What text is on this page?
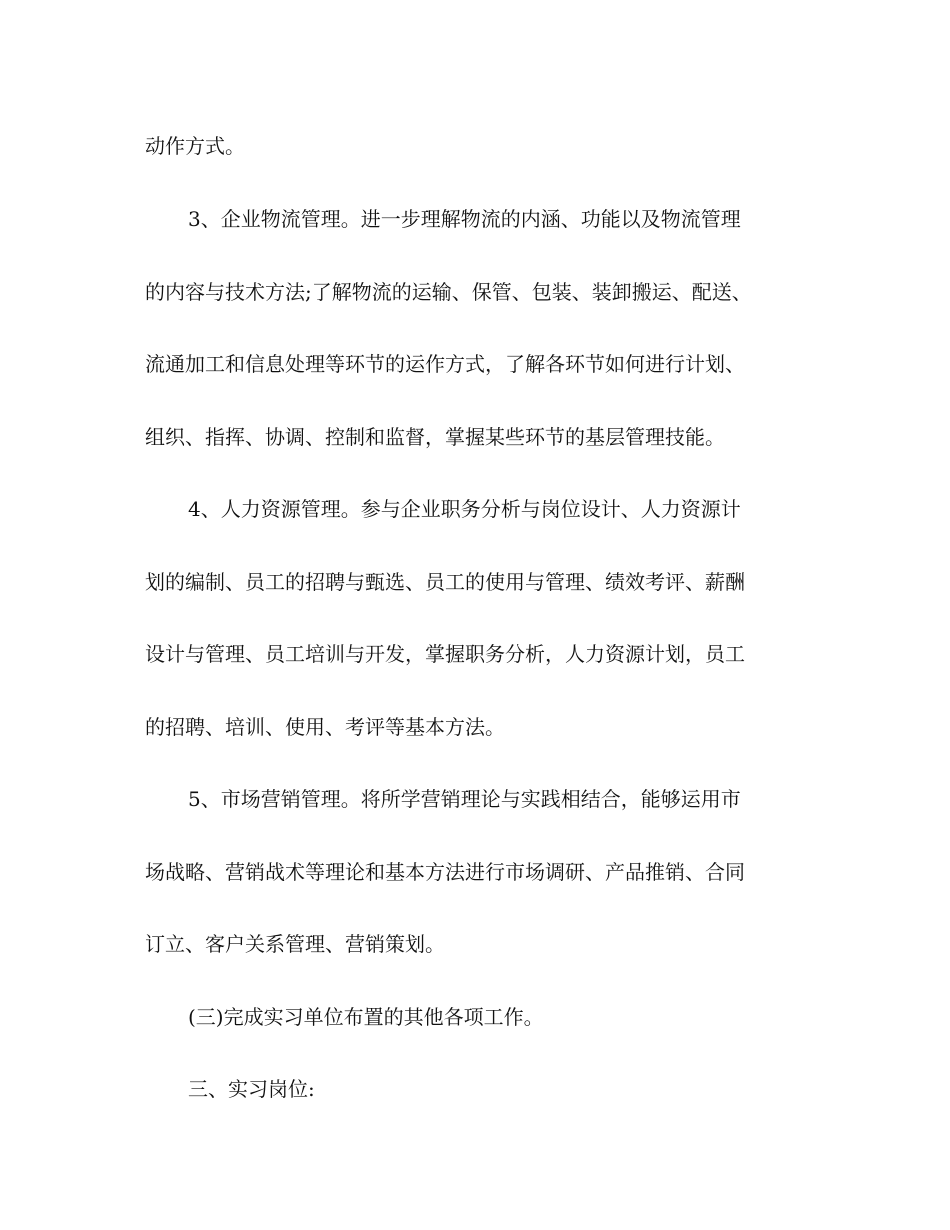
动作方式。

3、企业物流管理。进一步理解物流的内涵、功能以及物流管理

的内容与技术方法;了解物流的运输、保管、包装、装卸搬运、配送、

流通加工和信息处理等环节的运作方式，了解各环节如何进行计划、

组织、指挥、协调、控制和监督，掌握某些环节的基层管理技能。

4、人力资源管理。参与企业职务分析与岗位设计、人力资源计

划的编制、员工的招聘与甄选、员工的使用与管理、绩效考评、薪酬

设计与管理、员工培训与开发，掌握职务分析，人力资源计划，员工

的招聘、培训、使用、考评等基本方法。

5、市场营销管理。将所学营销理论与实践相结合，能够运用市

场战略、营销战术等理论和基本方法进行市场调研、产品推销、合同

订立、客户关系管理、营销策划。

(三)完成实习单位布置的其他各项工作。

三、实习岗位:
